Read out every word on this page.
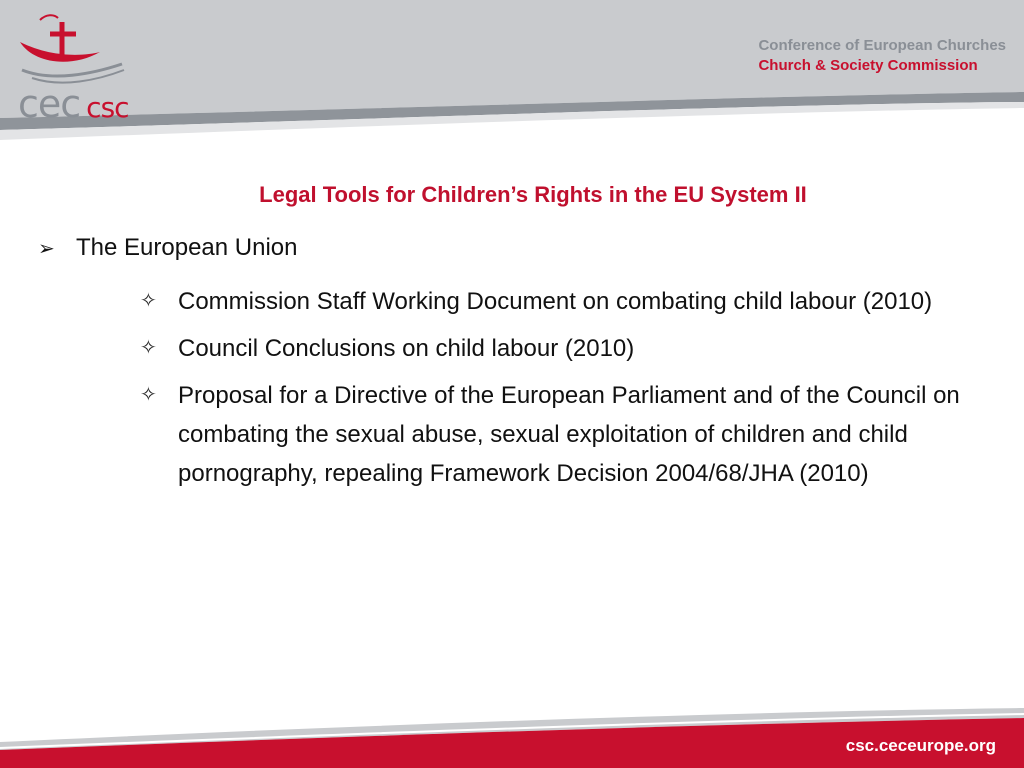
cec csc
Conference of European Churches
Church & Society Commission
Legal Tools for Children’s Rights in the EU System II
➢ The European Union
✧ Commission Staff Working Document on combating child labour (2010)
✧ Council Conclusions on child labour (2010)
✧ Proposal for a Directive of the European Parliament and of the Council on combating the sexual abuse, sexual exploitation of children and child pornography, repealing Framework Decision 2004/68/JHA (2010)
csc.ceceurope.org
